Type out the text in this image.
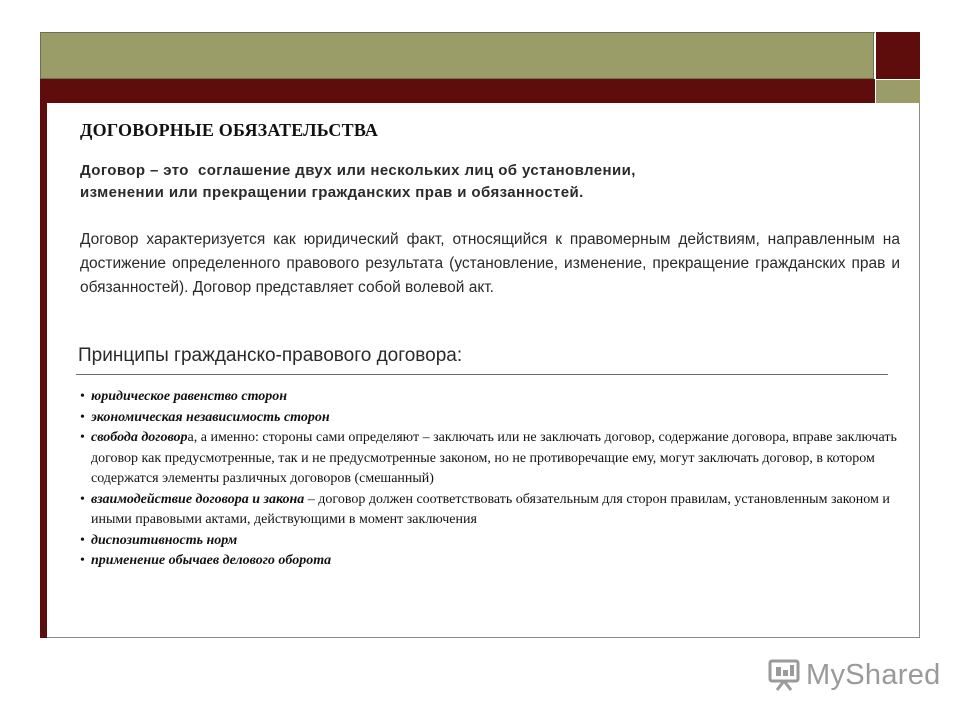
ДОГОВОРНЫЕ ОБЯЗАТЕЛЬСТВА
Договор – это  соглашение двух или нескольких лиц об установлении,
изменении или прекращении гражданских прав и обязанностей.
Договор характеризуется как юридический факт, относящийся к правомерным действиям, направленным на достижение определенного правового результата (установление, изменение, прекращение гражданских прав и обязанностей). Договор представляет собой волевой акт.
Принципы гражданско-правового договора:
• юридическое равенство сторон
• экономическая независимость сторон
• свобода договора, а именно: стороны сами определяют – заключать или не заключать договор, содержание договора, вправе заключать договор как предусмотренные, так и не предусмотренные законом, но не противоречащие ему, могут заключать договор, в котором содержатся элементы различных договоров (смешанный)
• взаимодействие договора и закона – договор должен соответствовать обязательным для сторон правилам, установленным законом и иными правовыми актами, действующими в момент заключения
• диспозитивность норм
• применение обычаев делового оборота
MyShared
